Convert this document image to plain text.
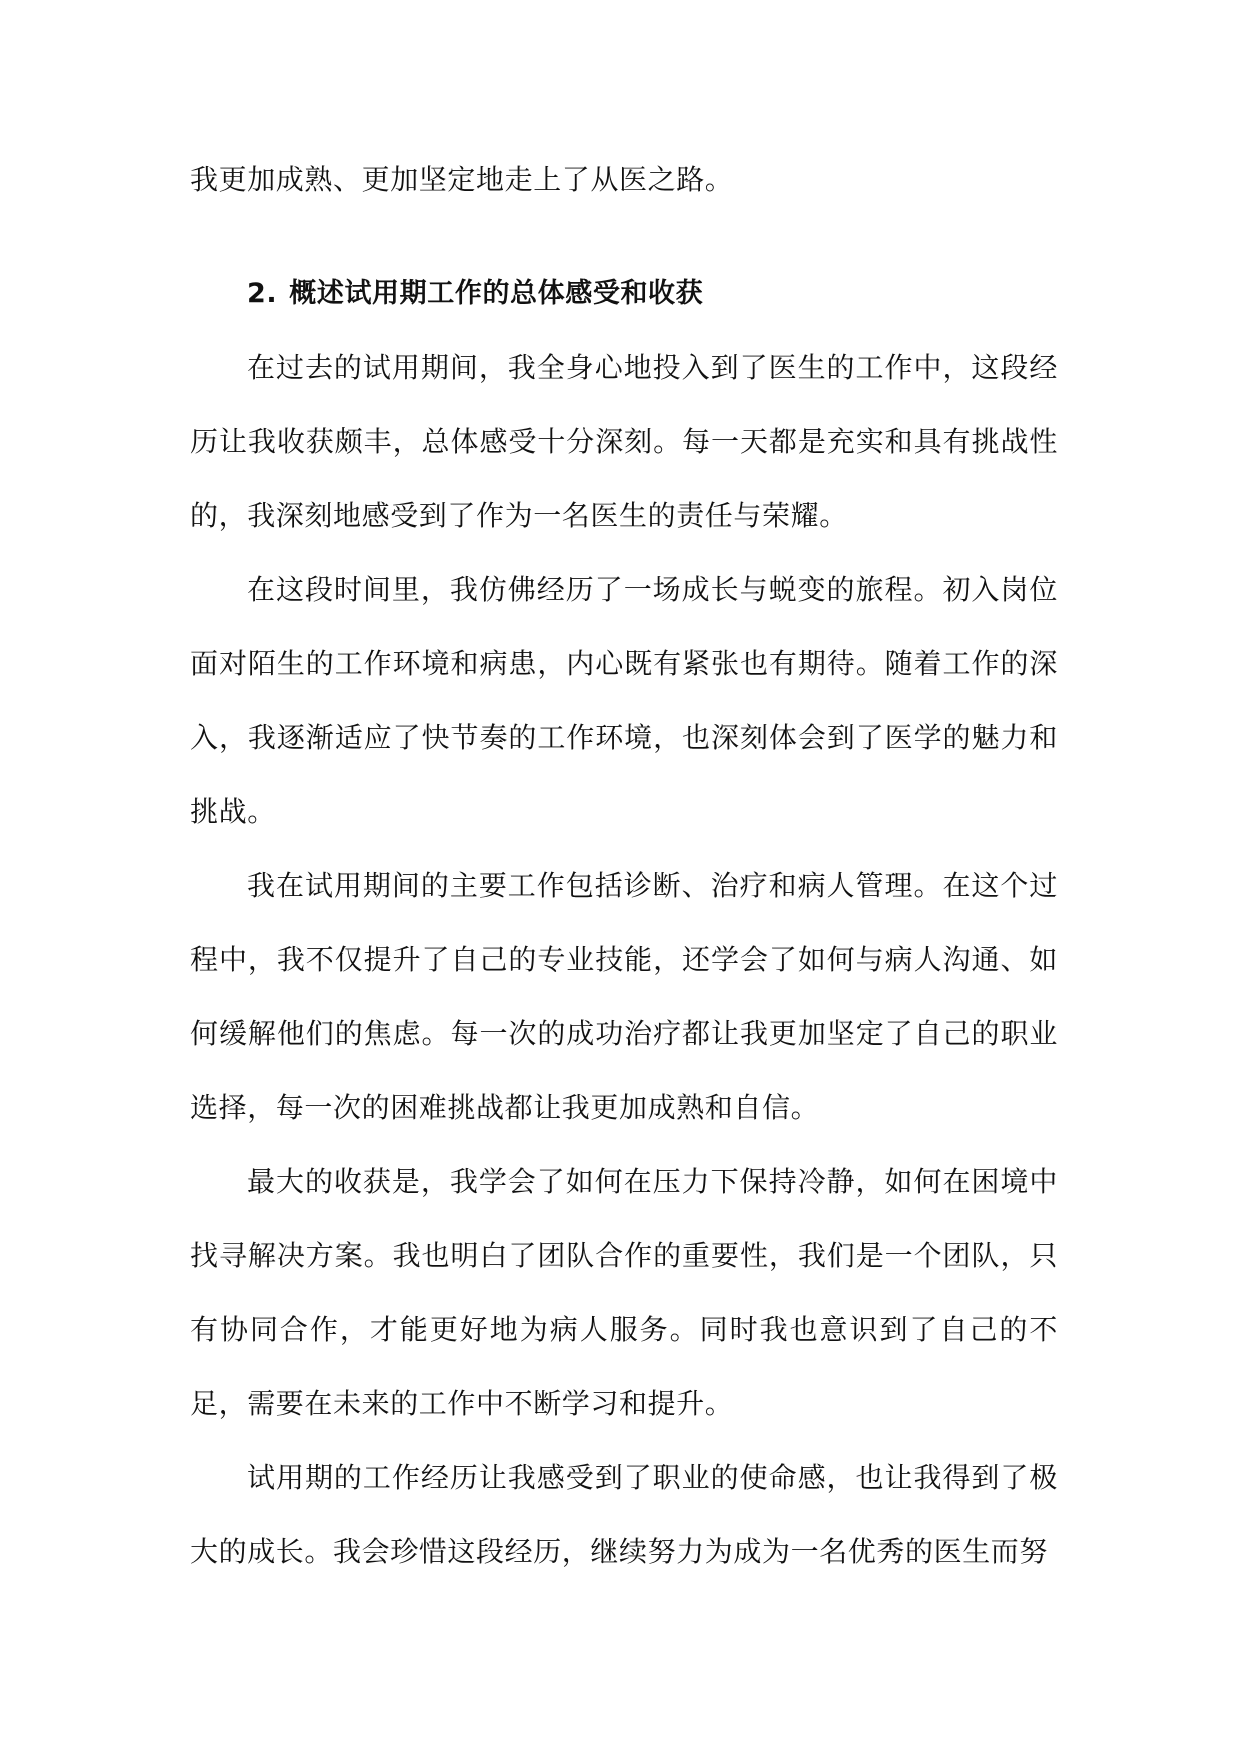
我更加成熟、更加坚定地走上了从医之路。

2. 概述试用期工作的总体感受和收获

在过去的试用期间，我全身心地投入到了医生的工作中，这段经历让我收获颇丰，总体感受十分深刻。每一天都是充实和具有挑战性的，我深刻地感受到了作为一名医生的责任与荣耀。

在这段时间里，我仿佛经历了一场成长与蜕变的旅程。初入岗位面对陌生的工作环境和病患，内心既有紧张也有期待。随着工作的深入，我逐渐适应了快节奏的工作环境，也深刻体会到了医学的魅力和挑战。

我在试用期间的主要工作包括诊断、治疗和病人管理。在这个过程中，我不仅提升了自己的专业技能，还学会了如何与病人沟通、如何缓解他们的焦虑。每一次的成功治疗都让我更加坚定了自己的职业选择，每一次的困难挑战都让我更加成熟和自信。

最大的收获是，我学会了如何在压力下保持冷静，如何在困境中找寻解决方案。我也明白了团队合作的重要性，我们是一个团队，只有协同合作，才能更好地为病人服务。同时我也意识到了自己的不足，需要在未来的工作中不断学习和提升。

试用期的工作经历让我感受到了职业的使命感，也让我得到了极大的成长。我会珍惜这段经历，继续努力为成为一名优秀的医生而努
